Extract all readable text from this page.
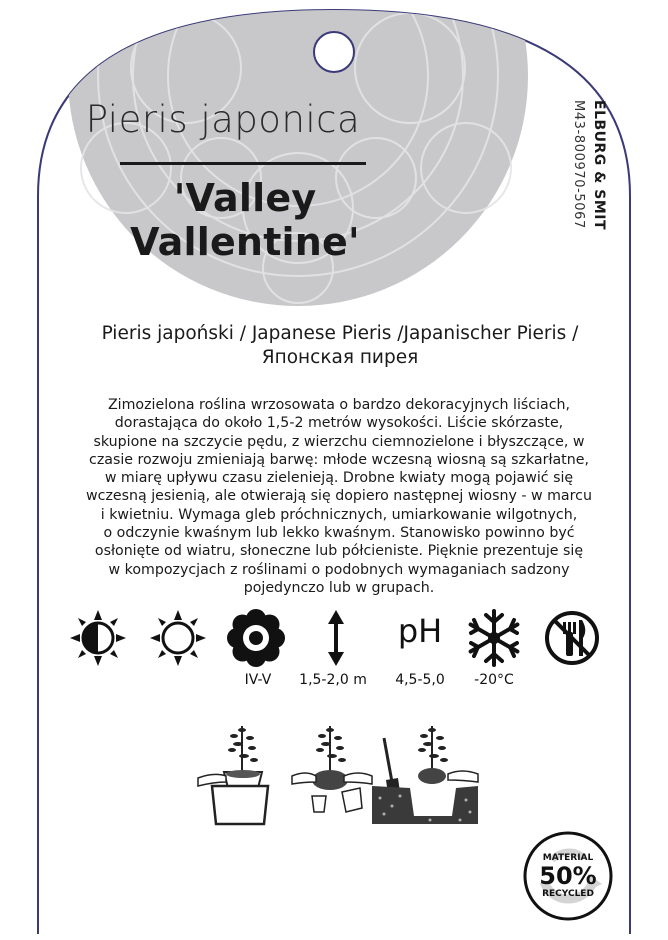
Pieris japonica
'Valley Vallentine'
ELBURG & SMIT
M43-800970-5067
Pieris japoński / Japanese Pieris /Japanischer Pieris /
Японская пирея
Zimozielona roślina wrzosowata o bardzo dekoracyjnych liściach,
dorastająca do około 1,5-2 metrów wysokości. Liście skórzaste,
skupione na szczycie pędu, z wierzchu ciemnozielone i błyszczące, w
czasie rozwoju zmieniają barwę: młode wczesną wiosną są szkarłatne,
w miarę upływu czasu zielenieją. Drobne kwiaty mogą pojawić się
wczesną jesienią, ale otwierają się dopiero następnej wiosny - w marcu
i kwietniu. Wymaga gleb próchnicznych, umiarkowanie wilgotnych,
o odczynie kwaśnym lub lekko kwaśnym. Stanowisko powinno być
osłonięte od wiatru, słoneczne lub półcieniste. Pięknie prezentuje się
w kompozycjach z roślinami o podobnych wymaganiach sadzony
pojedynczo lub w grupach.
pH
IV-V	1,5-2,0 m	4,5-5,0	-20°C
MATERIAL
50%
RECYCLED
